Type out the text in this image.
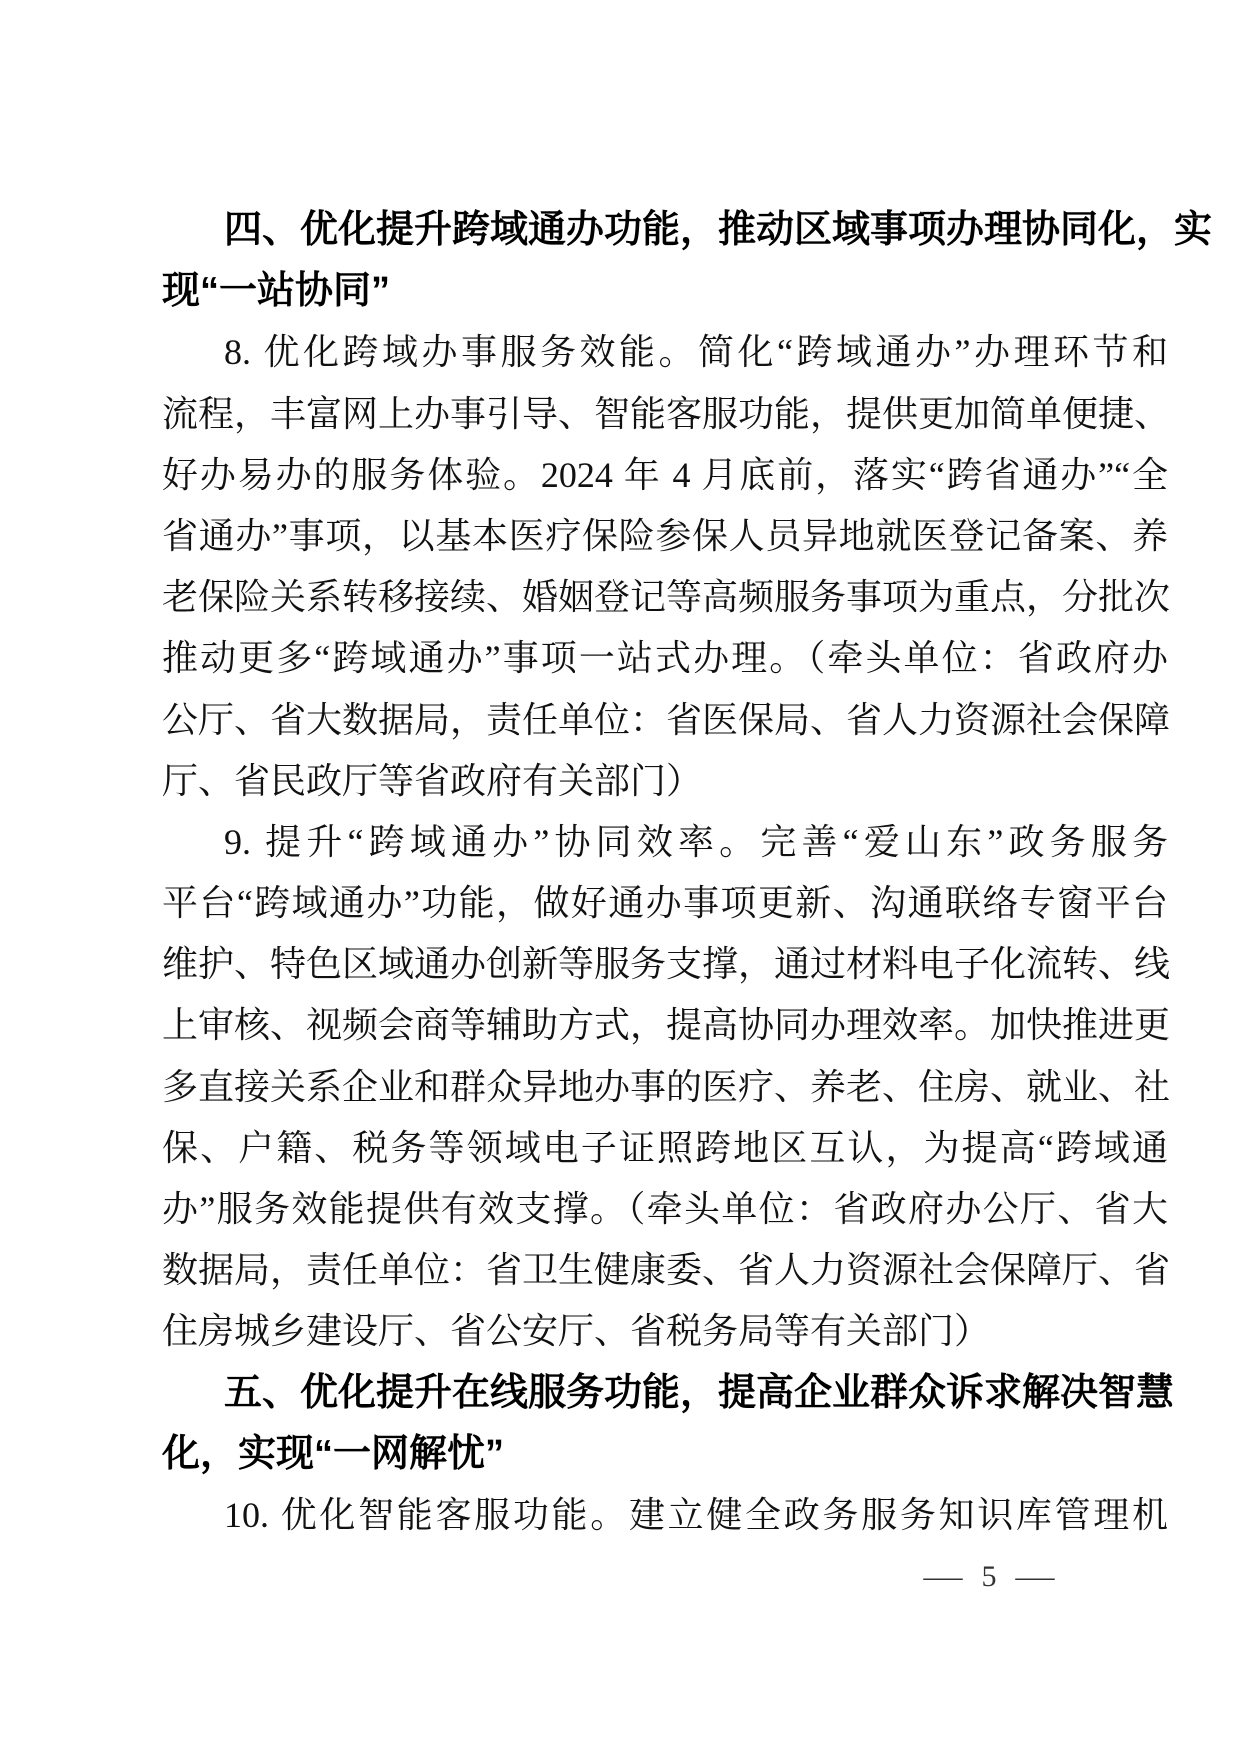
四、优化提升跨域通办功能，推动区域事项办理协同化，实
现“一站协同”
8. 优化跨域办事服务效能。简化“跨域通办”办理环节和
流程，丰富网上办事引导、智能客服功能，提供更加简单便捷、
好办易办的服务体验。2024 年 4 月底前，落实“跨省通办”“全
省通办”事项，以基本医疗保险参保人员异地就医登记备案、养
老保险关系转移接续、婚姻登记等高频服务事项为重点，分批次
推动更多“跨域通办”事项一站式办理。（牵头单位：省政府办
公厅、省大数据局，责任单位：省医保局、省人力资源社会保障
厅、省民政厅等省政府有关部门）
9. 提升“跨域通办”协同效率。完善“爱山东”政务服务
平台“跨域通办”功能，做好通办事项更新、沟通联络专窗平台
维护、特色区域通办创新等服务支撑，通过材料电子化流转、线
上审核、视频会商等辅助方式，提高协同办理效率。加快推进更
多直接关系企业和群众异地办事的医疗、养老、住房、就业、社
保、户籍、税务等领域电子证照跨地区互认，为提高“跨域通
办”服务效能提供有效支撑。（牵头单位：省政府办公厅、省大
数据局，责任单位：省卫生健康委、省人力资源社会保障厅、省
住房城乡建设厅、省公安厅、省税务局等有关部门）
五、优化提升在线服务功能，提高企业群众诉求解决智慧
化，实现“一网解忧”
10. 优化智能客服功能。建立健全政务服务知识库管理机
— 5 —
